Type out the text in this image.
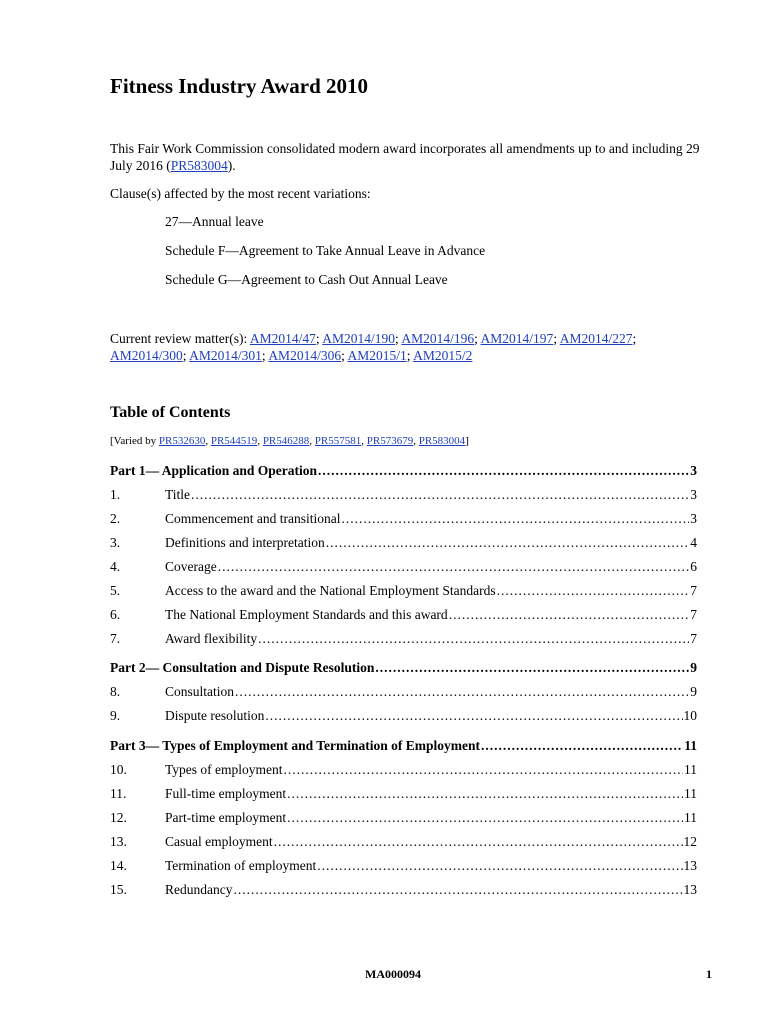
Fitness Industry Award 2010
This Fair Work Commission consolidated modern award incorporates all amendments up to and including 29 July 2016 (PR583004).
Clause(s) affected by the most recent variations:
27—Annual leave
Schedule F—Agreement to Take Annual Leave in Advance
Schedule G—Agreement to Cash Out Annual Leave
Current review matter(s): AM2014/47; AM2014/190; AM2014/196; AM2014/197; AM2014/227; AM2014/300; AM2014/301; AM2014/306; AM2015/1; AM2015/2
Table of Contents
[Varied by PR532630, PR544519, PR546288, PR557581, PR573679, PR583004]
Part 1— Application and Operation .....	3
1.	Title .....	3
2.	Commencement and transitional .....	3
3.	Definitions and interpretation .....	4
4.	Coverage .....	6
5.	Access to the award and the National Employment Standards .....	7
6.	The National Employment Standards and this award .....	7
7.	Award flexibility .....	7
Part 2— Consultation and Dispute Resolution .....	9
8.	Consultation .....	9
9.	Dispute resolution .....	10
Part 3— Types of Employment and Termination of Employment .....	11
10.	Types of employment .....	11
11.	Full-time employment .....	11
12.	Part-time employment .....	11
13.	Casual employment .....	12
14.	Termination of employment .....	13
15.	Redundancy .....	13
MA000094	1
